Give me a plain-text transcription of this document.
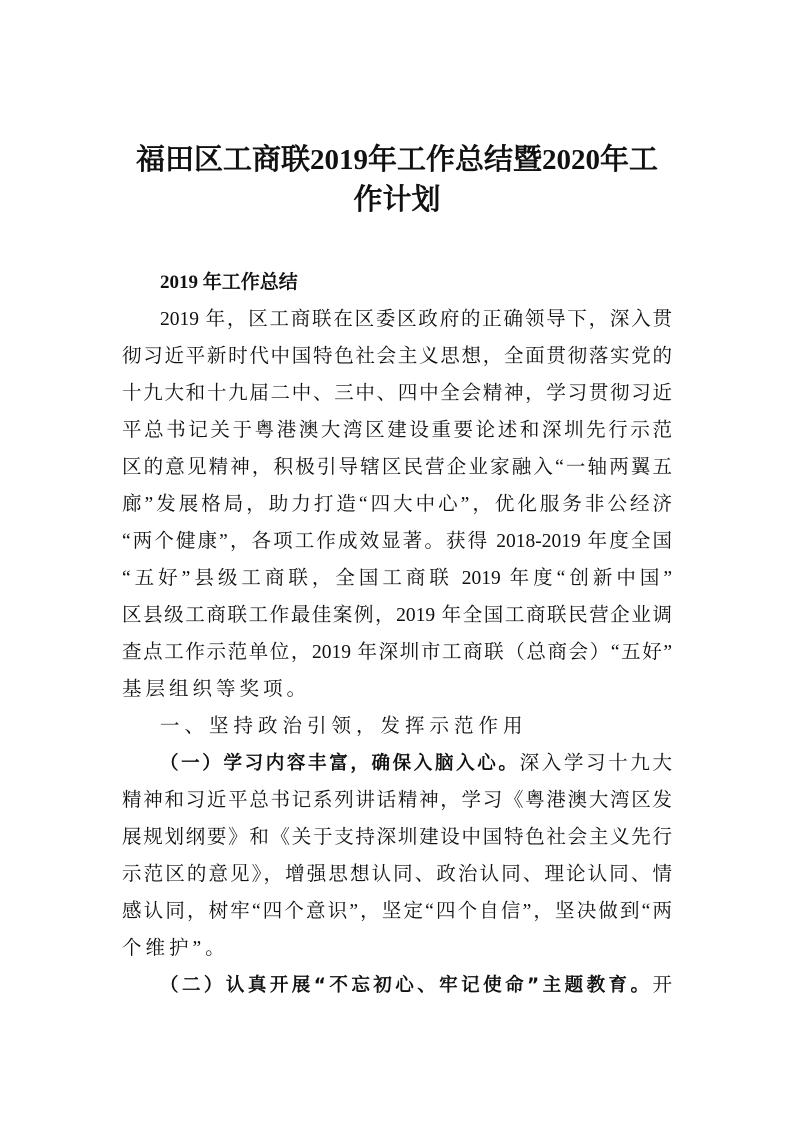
福田区工商联2019年工作总结暨2020年工
作计划
2019 年工作总结
2019 年，区工商联在区委区政府的正确领导下，深入贯
彻习近平新时代中国特色社会主义思想，全面贯彻落实党的
十九大和十九届二中、三中、四中全会精神，学习贯彻习近
平总书记关于粤港澳大湾区建设重要论述和深圳先行示范
区的意见精神，积极引导辖区民营企业家融入“一轴两翼五
廊”发展格局，助力打造“四大中心”，优化服务非公经济
“两个健康”，各项工作成效显著。获得 2018-2019 年度全国
“五好”县级工商联，全国工商联 2019 年度“创新中国”
区县级工商联工作最佳案例，2019 年全国工商联民营企业调
查点工作示范单位，2019 年深圳市工商联（总商会）“五好”
基层组织等奖项。
一、坚持政治引领，发挥示范作用
（一）学习内容丰富，确保入脑入心。深入学习十九大
精神和习近平总书记系列讲话精神，学习《粤港澳大湾区发
展规划纲要》和《关于支持深圳建设中国特色社会主义先行
示范区的意见》，增强思想认同、政治认同、理论认同、情
感认同，树牢“四个意识”，坚定“四个自信”，坚决做到“两
个维护”。
（二）认真开展“不忘初心、牢记使命”主题教育。开
